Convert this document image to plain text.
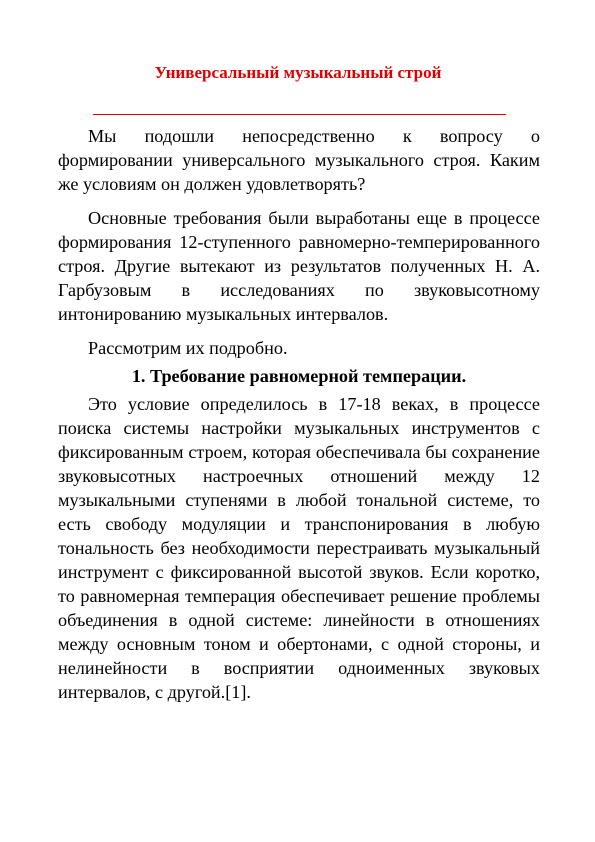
Универсальный музыкальный строй

Мы подошли непосредственно к вопросу о формировании универсального музыкального строя. Каким же условиям он должен удовлетворять?

Основные требования были выработаны еще в процессе формирования 12-ступенного равномерно-темперированного строя. Другие вытекают из результатов полученных Н. А. Гарбузовым в исследованиях по звуковысотному интонированию музыкальных интервалов.

Рассмотрим их подробно.

1. Требование равномерной темперации.

Это условие определилось в 17-18 веках, в процессе поиска системы настройки музыкальных инструментов с фиксированным строем, которая обеспечивала бы сохранение звуковысотных настроечных отношений между 12 музыкальными ступенями в любой тональной системе, то есть свободу модуляции и транспонирования в любую тональность без необходимости перестраивать музыкальный инструмент с фиксированной высотой звуков. Если коротко, то равномерная темперация обеспечивает решение проблемы объединения в одной системе: линейности в отношениях между основным тоном и обертонами, с одной стороны, и нелинейности в восприятии одноименных звуковых интервалов, с другой.[1].
